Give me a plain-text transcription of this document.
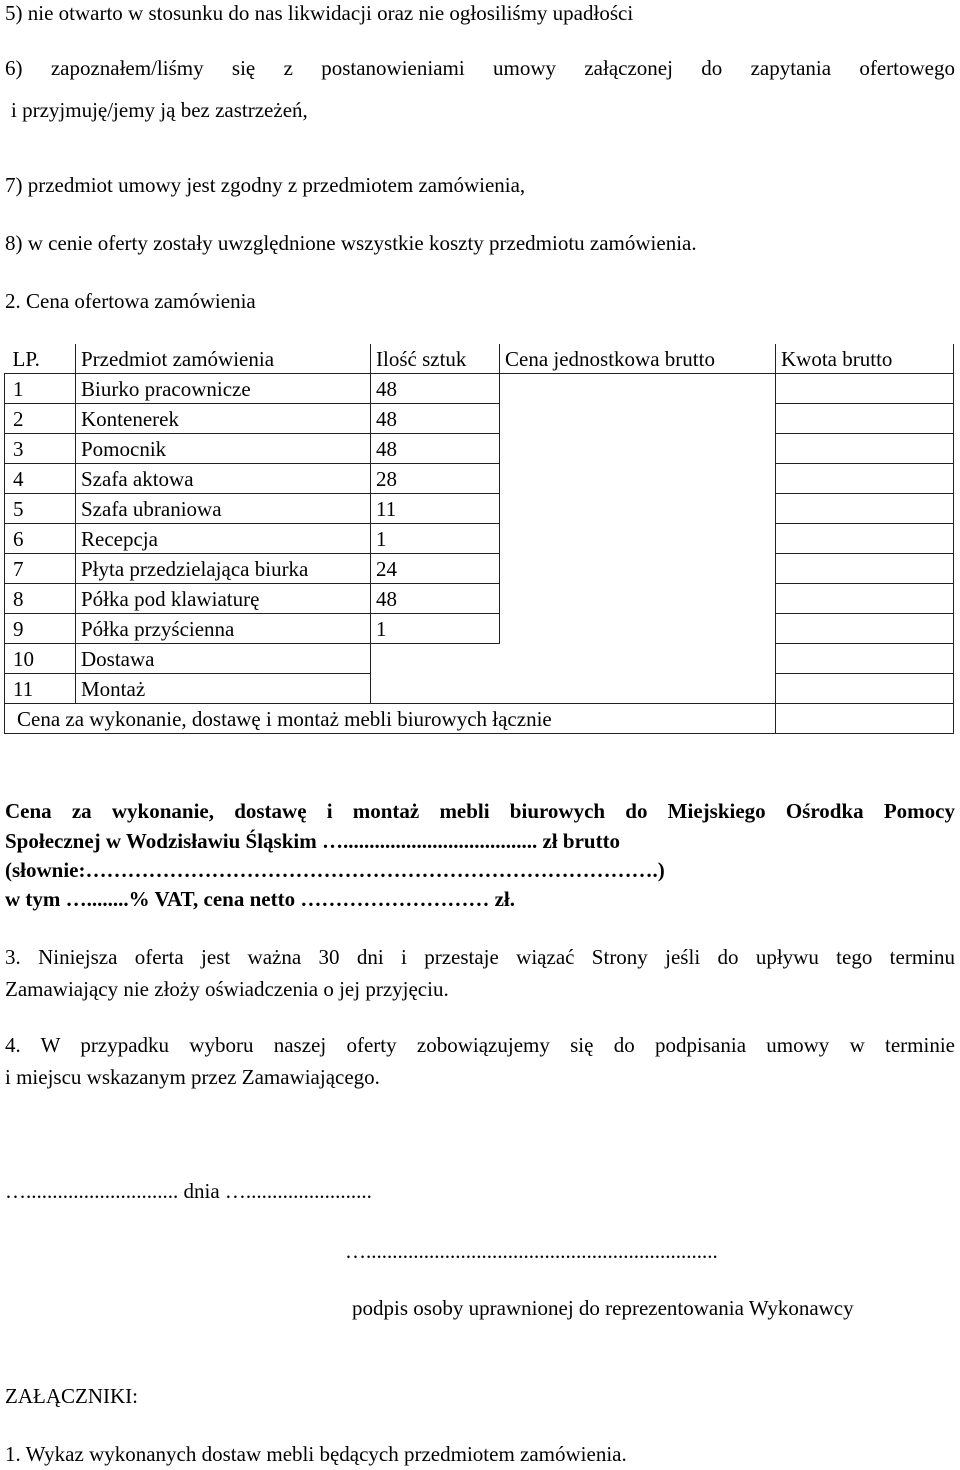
5) nie otwarto w stosunku do nas likwidacji oraz nie ogłosiliśmy upadłości
6) zapoznałem/liśmy się z postanowieniami umowy załączonej do zapytania ofertowego
i przyjmuję/jemy ją bez zastrzeżeń,
7) przedmiot umowy jest zgodny z przedmiotem zamówienia,
8) w cenie oferty zostały uwzględnione wszystkie koszty przedmiotu zamówienia.
2. Cena ofertowa zamówienia
LP.	Przedmiot zamówienia	Ilość sztuk	Cena jednostkowa brutto	Kwota brutto
1	Biurko pracownicze	48		
2	Kontenerek	48		
3	Pomocnik	48		
4	Szafa aktowa	28		
5	Szafa ubraniowa	11		
6	Recepcja	1		
7	Płyta przedzielająca biurka	24		
8	Półka pod klawiaturę	48		
9	Półka przyścienna	1		
10	Dostawa			
11	Montaż			
Cena za wykonanie, dostawę i montaż mebli biurowych łącznie				
Cena za wykonanie, dostawę i montaż mebli biurowych do Miejskiego Ośrodka Pomocy
Społecznej w Wodzisławiu Śląskim …..................................... zł brutto
(słownie:……………………………………………………………………….)
w tym …........% VAT, cena netto ……………………… zł.
3. Niniejsza oferta jest ważna 30 dni i przestaje wiązać Strony jeśli do upływu tego terminu
Zamawiający nie złoży oświadczenia o jej przyjęciu.
4. W przypadku wyboru naszej oferty zobowiązujemy się do podpisania umowy w terminie
i miejscu wskazanym przez Zamawiającego.
…............................. dnia …........................
…...................................................................
podpis osoby uprawnionej do reprezentowania Wykonawcy
ZAŁĄCZNIKI:
1. Wykaz wykonanych dostaw mebli będących przedmiotem zamówienia.
